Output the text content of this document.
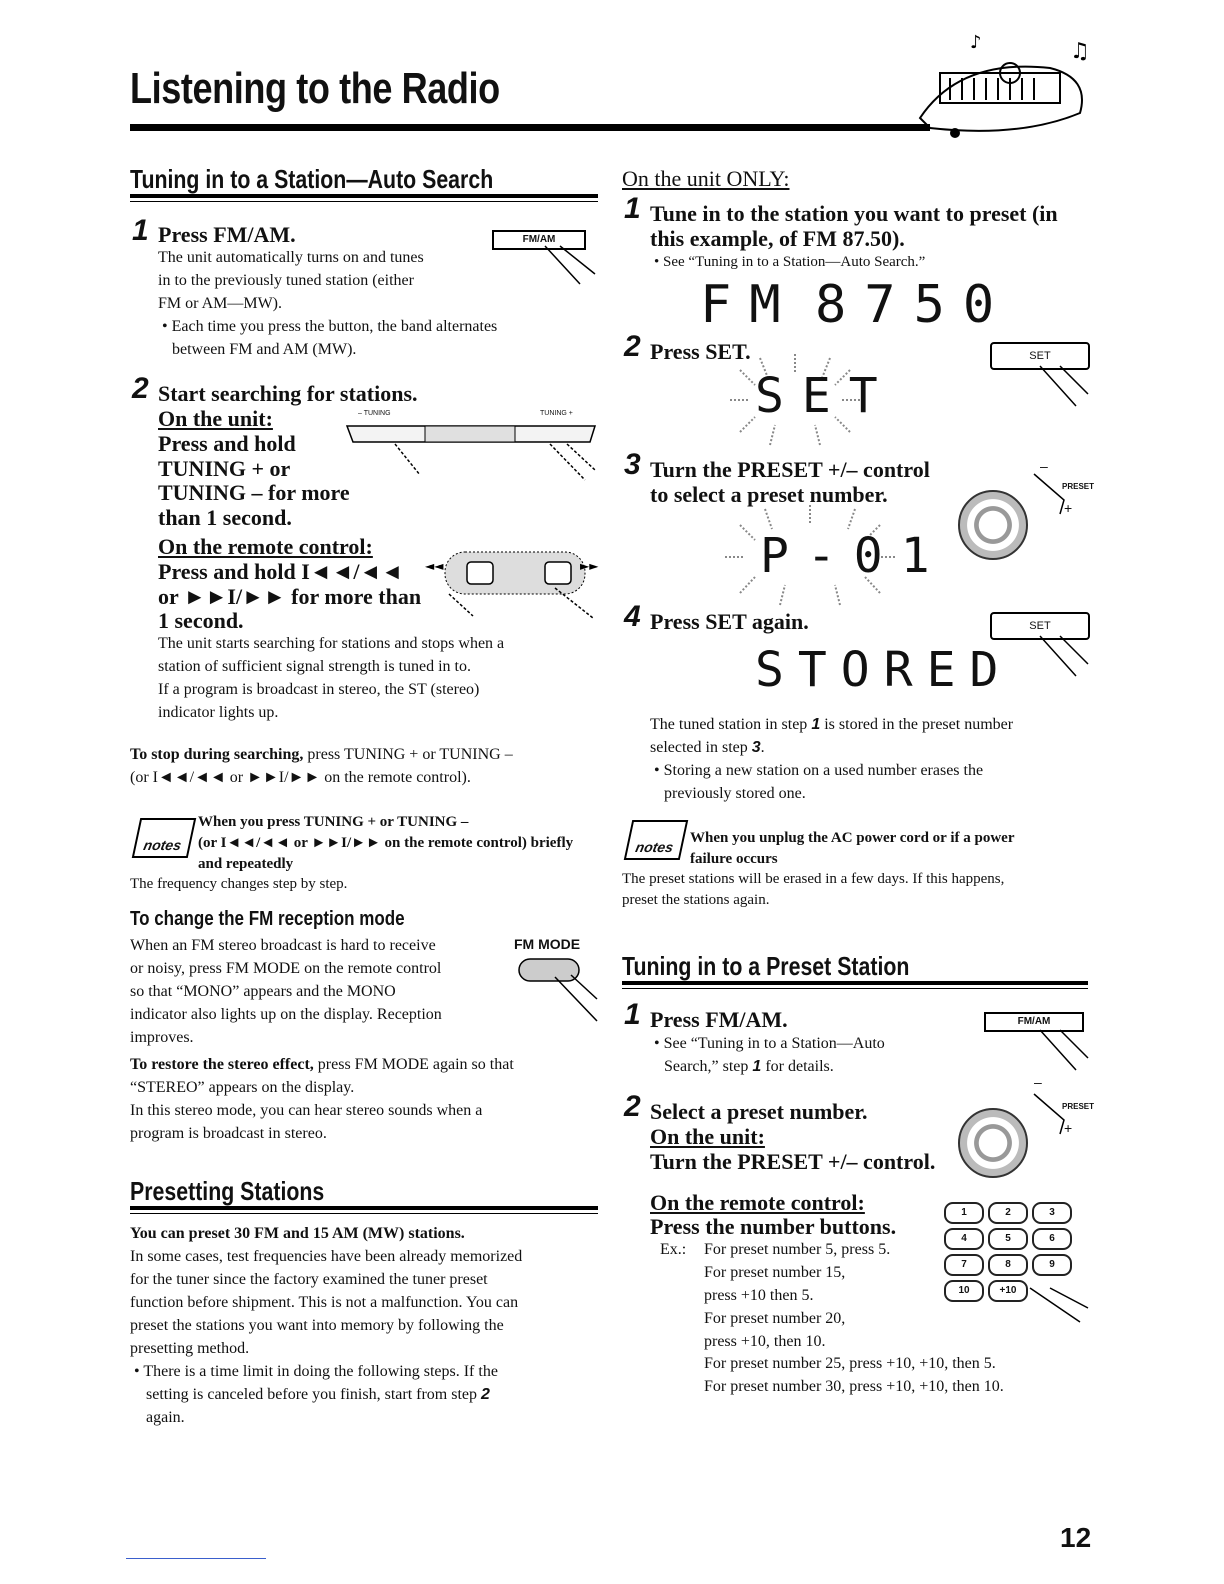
Listening to the Radio
♫
♪
Tuning in to a Station—Auto Search
1 Press FM/AM.	FM/AM
The unit automatically turns on and tunes
in to the previously tuned station (either
FM or AM—MW).
• Each time you press the button, the band alternates
between FM and AM (MW).
2 Start searching for stations.
On the unit:
Press and hold
TUNING + or
TUNING – for more
than 1 second.
– TUNING	TUNING +
On the remote control:
Press and hold I◄◄/◄◄
or ►►I/►► for more than
1 second.
◄◄	►►
The unit starts searching for stations and stops when a
station of sufficient signal strength is tuned in to.
If a program is broadcast in stereo, the ST (stereo)
indicator lights up.
To stop during searching, press TUNING + or TUNING –
(or I◄◄/◄◄ or ►►I/►► on the remote control).
notes
When you press TUNING + or TUNING –
(or I◄◄/◄◄ or ►►I/►► on the remote control) briefly
and repeatedly
The frequency changes step by step.
To change the FM reception mode
FM MODE
When an FM stereo broadcast is hard to receive
or noisy, press FM MODE on the remote control
so that “MONO” appears and the MONO
indicator also lights up on the display. Reception
improves.
To restore the stereo effect, press FM MODE again so that
“STEREO” appears on the display.
In this stereo mode, you can hear stereo sounds when a
program is broadcast in stereo.
Presetting Stations
You can preset 30 FM and 15 AM (MW) stations.
In some cases, test frequencies have been already memorized
for the tuner since the factory examined the tuner preset
function before shipment. This is not a malfunction. You can
preset the stations you want into memory by following the
presetting method.
• There is a time limit in doing the following steps. If the
setting is canceled before you finish, start from step 2
again.
On the unit ONLY:
1 Tune in to the station you want to preset (in
this example, of FM 87.50).
• See “Tuning in to a Station—Auto Search.”
FM 8750
2 Press SET.
SET
SET
3 Turn the PRESET +/– control
to select a preset number.
P-01
PRESET
+
–
4 Press SET again.	SET
STORED
The tuned station in step 1 is stored in the preset number
selected in step 3.
• Storing a new station on a used number erases the
previously stored one.
notes
When you unplug the AC power cord or if a power
failure occurs
The preset stations will be erased in a few days. If this happens,
preset the stations again.
Tuning in to a Preset Station
1 Press FM/AM.	FM/AM
• See “Tuning in to a Station—Auto
Search,” step 1 for details.
2 Select a preset number.
On the unit:
Turn the PRESET +/– control.
PRESET
+
–
On the remote control:
Press the number buttons.
Ex.: For preset number 5, press 5.
For preset number 15,
press +10 then 5.
For preset number 20,
press +10, then 10.
For preset number 25, press +10, +10, then 5.
For preset number 30, press +10, +10, then 10.
1	2	3
4	5	6
7	8	9
10	+10
12
